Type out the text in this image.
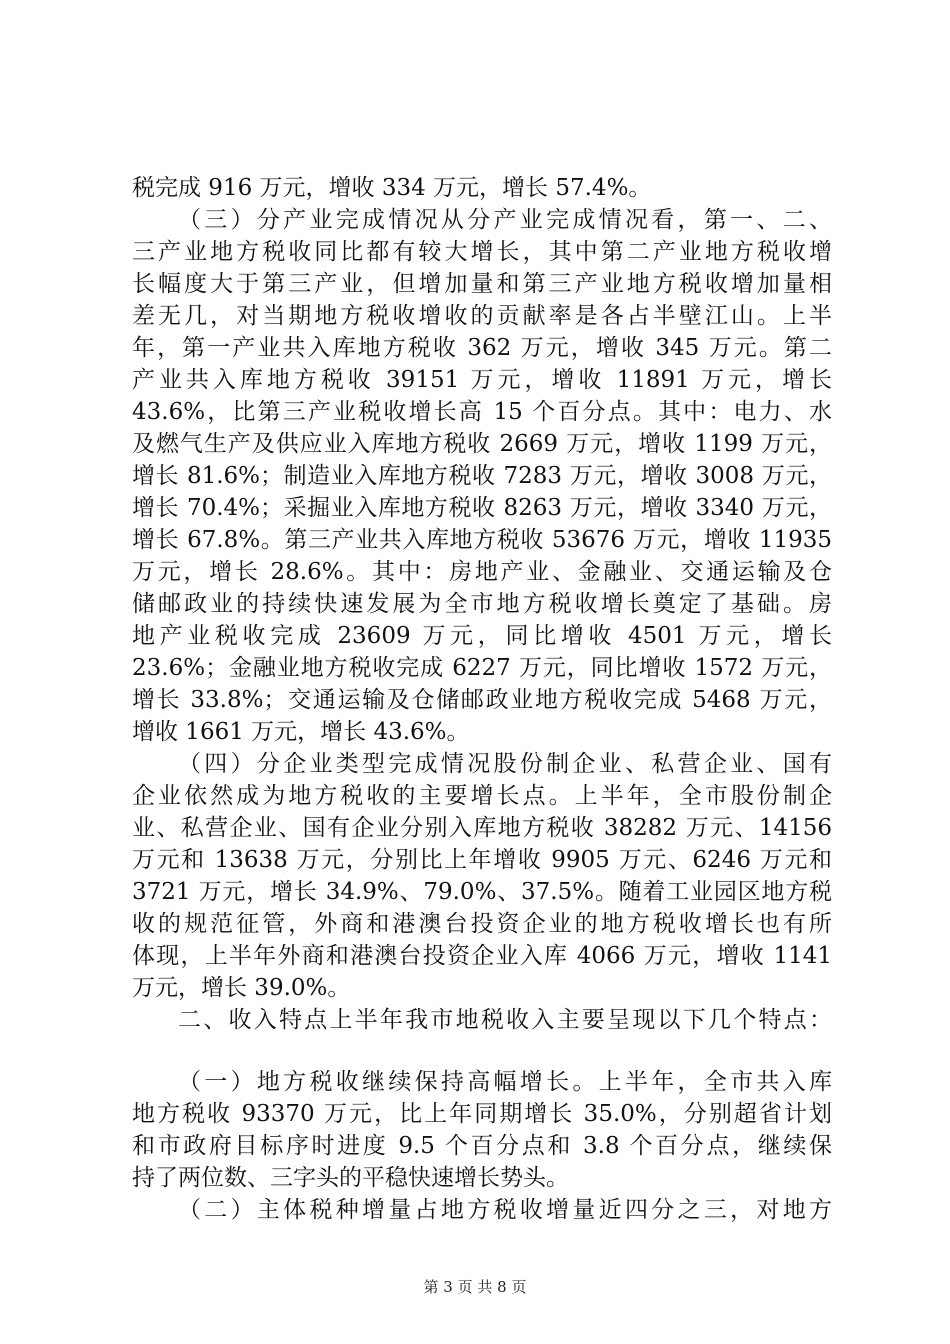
税完成 916 万元，增收 334 万元，增长 57.4%。
（三）分产业完成情况从分产业完成情况看，第一、二、
三产业地方税收同比都有较大增长，其中第二产业地方税收增
长幅度大于第三产业，但增加量和第三产业地方税收增加量相
差无几，对当期地方税收增收的贡献率是各占半壁江山。上半
年，第一产业共入库地方税收 362 万元，增收 345 万元。第二
产业共入库地方税收 39151 万元，增收 11891 万元，增长
43.6%，比第三产业税收增长高 15 个百分点。其中：电力、水
及燃气生产及供应业入库地方税收 2669 万元，增收 1199 万元，
增长 81.6%；制造业入库地方税收 7283 万元，增收 3008 万元，
增长 70.4%；采掘业入库地方税收 8263 万元，增收 3340 万元，
增长 67.8%。第三产业共入库地方税收 53676 万元，增收 11935
万元，增长 28.6%。其中：房地产业、金融业、交通运输及仓
储邮政业的持续快速发展为全市地方税收增长奠定了基础。房
地产业税收完成 23609 万元，同比增收 4501 万元，增长
23.6%；金融业地方税收完成 6227 万元，同比增收 1572 万元，
增长 33.8%；交通运输及仓储邮政业地方税收完成 5468 万元，
增收 1661 万元，增长 43.6%。
（四）分企业类型完成情况股份制企业、私营企业、国有
企业依然成为地方税收的主要增长点。上半年，全市股份制企
业、私营企业、国有企业分别入库地方税收 38282 万元、14156
万元和 13638 万元，分别比上年增收 9905 万元、6246 万元和
3721 万元，增长 34.9%、79.0%、37.5%。随着工业园区地方税
收的规范征管，外商和港澳台投资企业的地方税收增长也有所
体现，上半年外商和港澳台投资企业入库 4066 万元，增收 1141
万元，增长 39.0%。
二、收入特点上半年我市地税收入主要呈现以下几个特点：
（一）地方税收继续保持高幅增长。上半年，全市共入库
地方税收 93370 万元，比上年同期增长 35.0%，分别超省计划
和市政府目标序时进度 9.5 个百分点和 3.8 个百分点，继续保
持了两位数、三字头的平稳快速增长势头。
（二）主体税种增量占地方税收增量近四分之三，对地方
第 3 页 共 8 页
